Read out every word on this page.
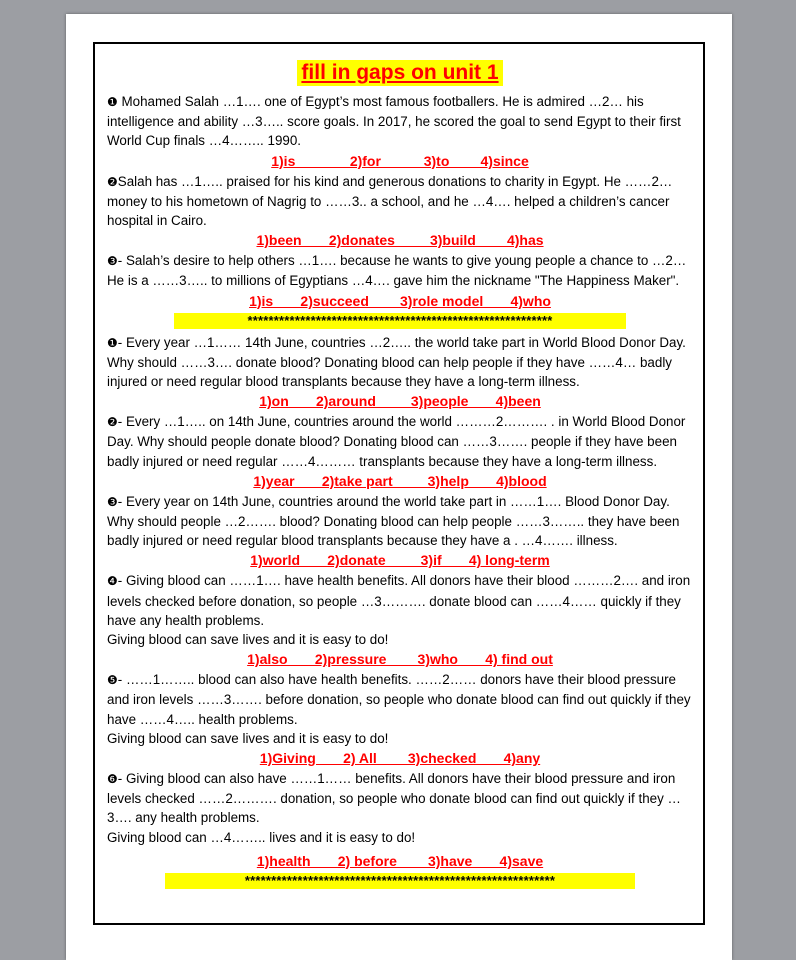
fill in gaps on unit 1

❶ Mohamed Salah …1…. one of Egypt’s most famous footballers. He is admired …2… his intelligence and ability …3….. score goals. In 2017, he scored the goal to send Egypt to their first World Cup finals …4…….. 1990.

1)is              2)for           3)to        4)since

❷Salah has …1….. praised for his kind and generous donations to charity in Egypt. He ……2… money to his hometown of Nagrig to ……3.. a school, and he …4…. helped a children’s cancer hospital in Cairo.

1)been       2)donates         3)build        4)has

❸- Salah’s desire to help others …1…. because he wants to give young people a chance to …2… He is a ……3….. to millions of Egyptians …4…. gave him the nickname "The Happiness Maker".

1)is       2)succeed        3)role model       4)who
**********************************************************

❶- Every year …1…… 14th June, countries …2….. the world take part in World Blood Donor Day. Why should ……3…. donate blood? Donating blood can help people if they have ……4… badly injured or need regular blood transplants because they have a long-term illness.

1)on       2)around         3)people       4)been

❷- Every …1….. on 14th June, countries around the world ………2………. . in World Blood Donor Day. Why should people donate blood? Donating blood can ……3……. people if they have been badly injured or need regular ……4……… transplants because they have a long-term illness.

1)year       2)take part         3)help       4)blood

❸- Every year on 14th June, countries around the world take part in ……1…. Blood Donor Day. Why should people …2……. blood? Donating blood can help people ……3…….. they have been badly injured or need regular blood transplants because they have a . …4……. illness.

1)world       2)donate         3)if       4) long-term

❹- Giving blood can ……1…. have health benefits. All donors have their blood ………2…. and iron levels checked before donation, so people …3………. donate blood can ……4…… quickly if they have any health problems.

Giving blood can save lives and it is easy to do!

1)also       2)pressure        3)who       4) find out

❺- ……1…….. blood can also have health benefits. ……2…… donors have their blood pressure and iron levels ……3……. before donation, so people who donate blood can find out quickly if they have ……4….. health problems.

Giving blood can save lives and it is easy to do!

1)Giving       2) All        3)checked       4)any

❻- Giving blood can also have ……1…… benefits. All donors have their blood pressure and iron levels checked ……2………. donation, so people who donate blood can find out quickly if they …3…. any health problems.

Giving blood can …4…….. lives and it is easy to do!

1)health       2) before        3)have       4)save
***********************************************************
